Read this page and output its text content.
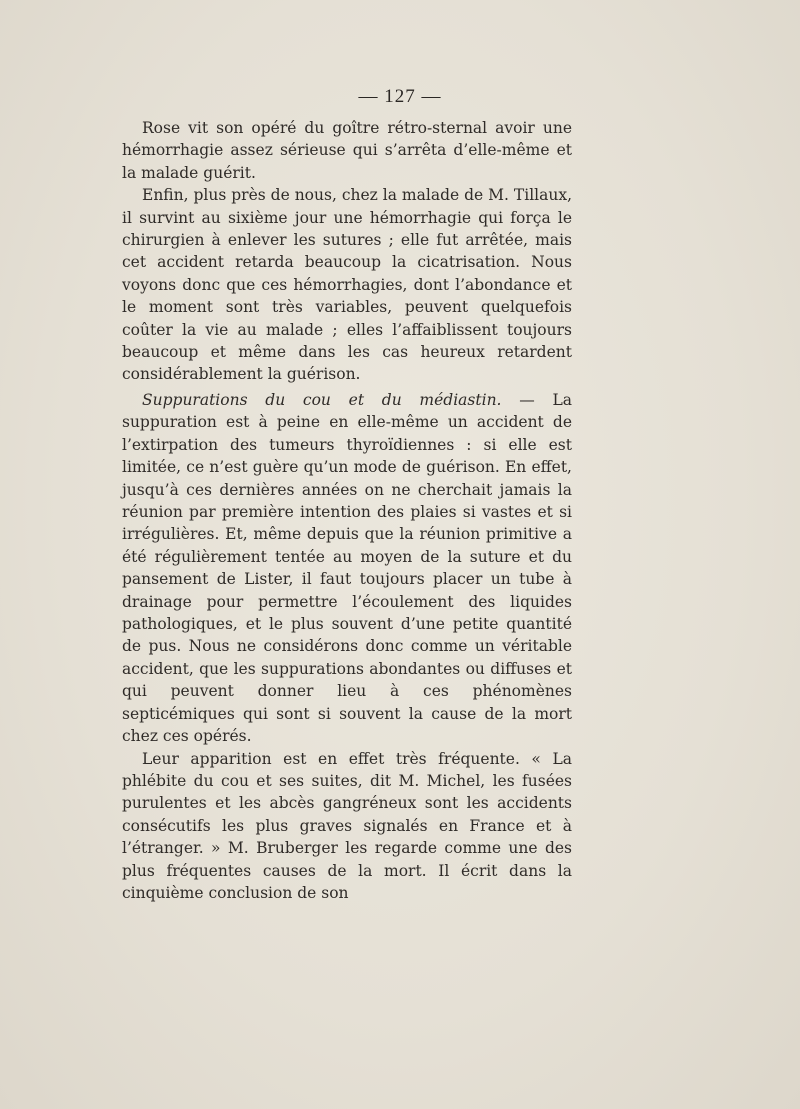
— 127 —

Rose vit son opéré du goître rétro-sternal avoir une hémorrhagie assez sérieuse qui s’arrêta d’elle-même et la malade guérit.

Enfin, plus près de nous, chez la malade de M. Tillaux, il survint au sixième jour une hémorrhagie qui força le chirurgien à enlever les sutures ; elle fut arrêtée, mais cet accident retarda beaucoup la cicatrisation. Nous voyons donc que ces hémorrhagies, dont l’abondance et le moment sont très variables, peuvent quelquefois coûter la vie au malade ; elles l’affaiblissent toujours beaucoup et même dans les cas heureux retardent considérablement la guérison.

Suppurations du cou et du médiastin. — La suppuration est à peine en elle-même un accident de l’extirpation des tumeurs thyroïdiennes : si elle est limitée, ce n’est guère qu’un mode de guérison. En effet, jusqu’à ces dernières années on ne cherchait jamais la réunion par première intention des plaies si vastes et si irrégulières. Et, même depuis que la réunion primitive a été régulièrement tentée au moyen de la suture et du pansement de Lister, il faut toujours placer un tube à drainage pour permettre l’écoulement des liquides pathologiques, et le plus souvent d’une petite quantité de pus. Nous ne considérons donc comme un véritable accident, que les suppurations abondantes ou diffuses et qui peuvent donner lieu à ces phénomènes septicémiques qui sont si souvent la cause de la mort chez ces opérés.

Leur apparition est en effet très fréquente. « La phlébite du cou et ses suites, dit M. Michel, les fusées purulentes et les abcès gangréneux sont les accidents consécutifs les plus graves signalés en France et à l’étranger. » M. Bruberger les regarde comme une des plus fréquentes causes de la mort. Il écrit dans la cinquième conclusion de son
